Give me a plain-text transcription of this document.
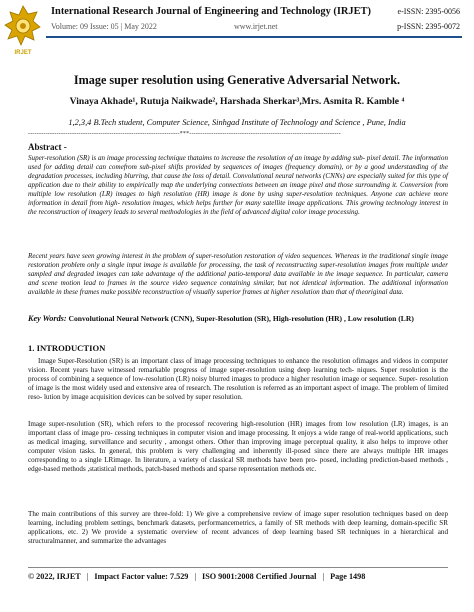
IRJET
International Research Journal of Engineering and Technology (IRJET)	e-ISSN: 2395-0056
Volume: 09 Issue: 05 | May 2022	www.irjet.net	p-ISSN: 2395-0072
Image super resolution using Generative Adversarial Network.
Vinaya Akhade¹, Rutuja Naikwade², Harshada Sherkar³,Mrs. Asmita R. Kamble ⁴
1,2,3,4 B.Tech student, Computer Science, Sinhgad Institute of Technology and Science , Pune, India
---------------------------------------------------------------------***---------------------------------------------------------------------
Abstract -
Super-resolution (SR) is an image processing technique thataims to increase the resolution of an image by adding sub- pixel detail. The information used for adding detail can comefrom sub-pixel shifts provided by sequences of images (frequency domain), or by a good understanding of the degradation processes, including blurring, that cause the loss of detail. Convolutional neural networks (CNNs) are especially suited for this type of application due to their ability to empirically map the underlying connections between an image pixel and those surrounding it. Conversion from multiple low resolution (LR) images to high resolution (HR) image is done by using super-resolution techniques. Anyone can achieve more information in detail from high- resolution images, which helps further for many satellite image applications. This growing technology interest in the reconstruction of imagery leads to several methodologies in the field of advanced digital color image processing.
Recent years have seen growing interest in the problem of super-resolution restoration of video sequences. Whereas in the traditional single image restoration problem only a single input image is available for processing, the task of reconstructing super-resolution images from multiple under sampled and degraded images can take advantage of the additional patio-temporal data available in the image sequence. In particular, camera and scene motion lead to frames in the source video sequence containing similar, but not identical information. The additional information available in these frames make possible reconstruction of visually superior frames at higher resolution than that of theoriginal data.
Key Words: Convolutional Neural Network (CNN), Super-Resolution (SR), High-resolution (HR) , Low resolution (LR)
1. INTRODUCTION
Image Super-Resolution (SR) is an important class of image processing techniques to enhance the resolution ofimages and videos in computer vision. Recent years have witnessed remarkable progress of image super-resolution using deep learning tech- niques. Super resolution is the process of combining a sequence of low-resolution (LR) noisy blurred images to produce a higher resolution image or sequence. Super- resolution of image is the most widely used and extensive area of research. The resolution is referred as an important aspect of image. The problem of limited reso- lution by image acquisition devices can be solved by super resolution.
Image super-resolution (SR), which refers to the processof recovering high-resolution (HR) images from low resolution (LR) images, is an important class of image pro- cessing techniques in computer vision and image processing. It enjoys a wide range of real-world applications, such as medical imaging, surveillance and security , amongst others. Other than improving image perceptual quality, it also helps to improve other computer vision tasks. In general, this problem is very challenging and inherently ill-posed since there are always multiple HR images corresponding to a single LRimage. In literature, a variety of classical SR methods have been pro- posed, including prediction-based methods , edge-based methods ,statistical methods, patch-based methods and sparse representation methods etc.
The main contributions of this survey are three-fold: 1) We give a comprehensive review of image super resolution techniques based on deep learning, including problem settings, benchmark datasets, performancemetrics, a family of SR methods with deep learning, domain-specific SR applications, etc. 2) We provide a systematic overview of recent advances of deep learning based SR techniques in a hierarchical and structuralmanner, and summarize the advantages
© 2022, IRJET | Impact Factor value: 7.529 | ISO 9001:2008 Certified Journal | Page 1498
